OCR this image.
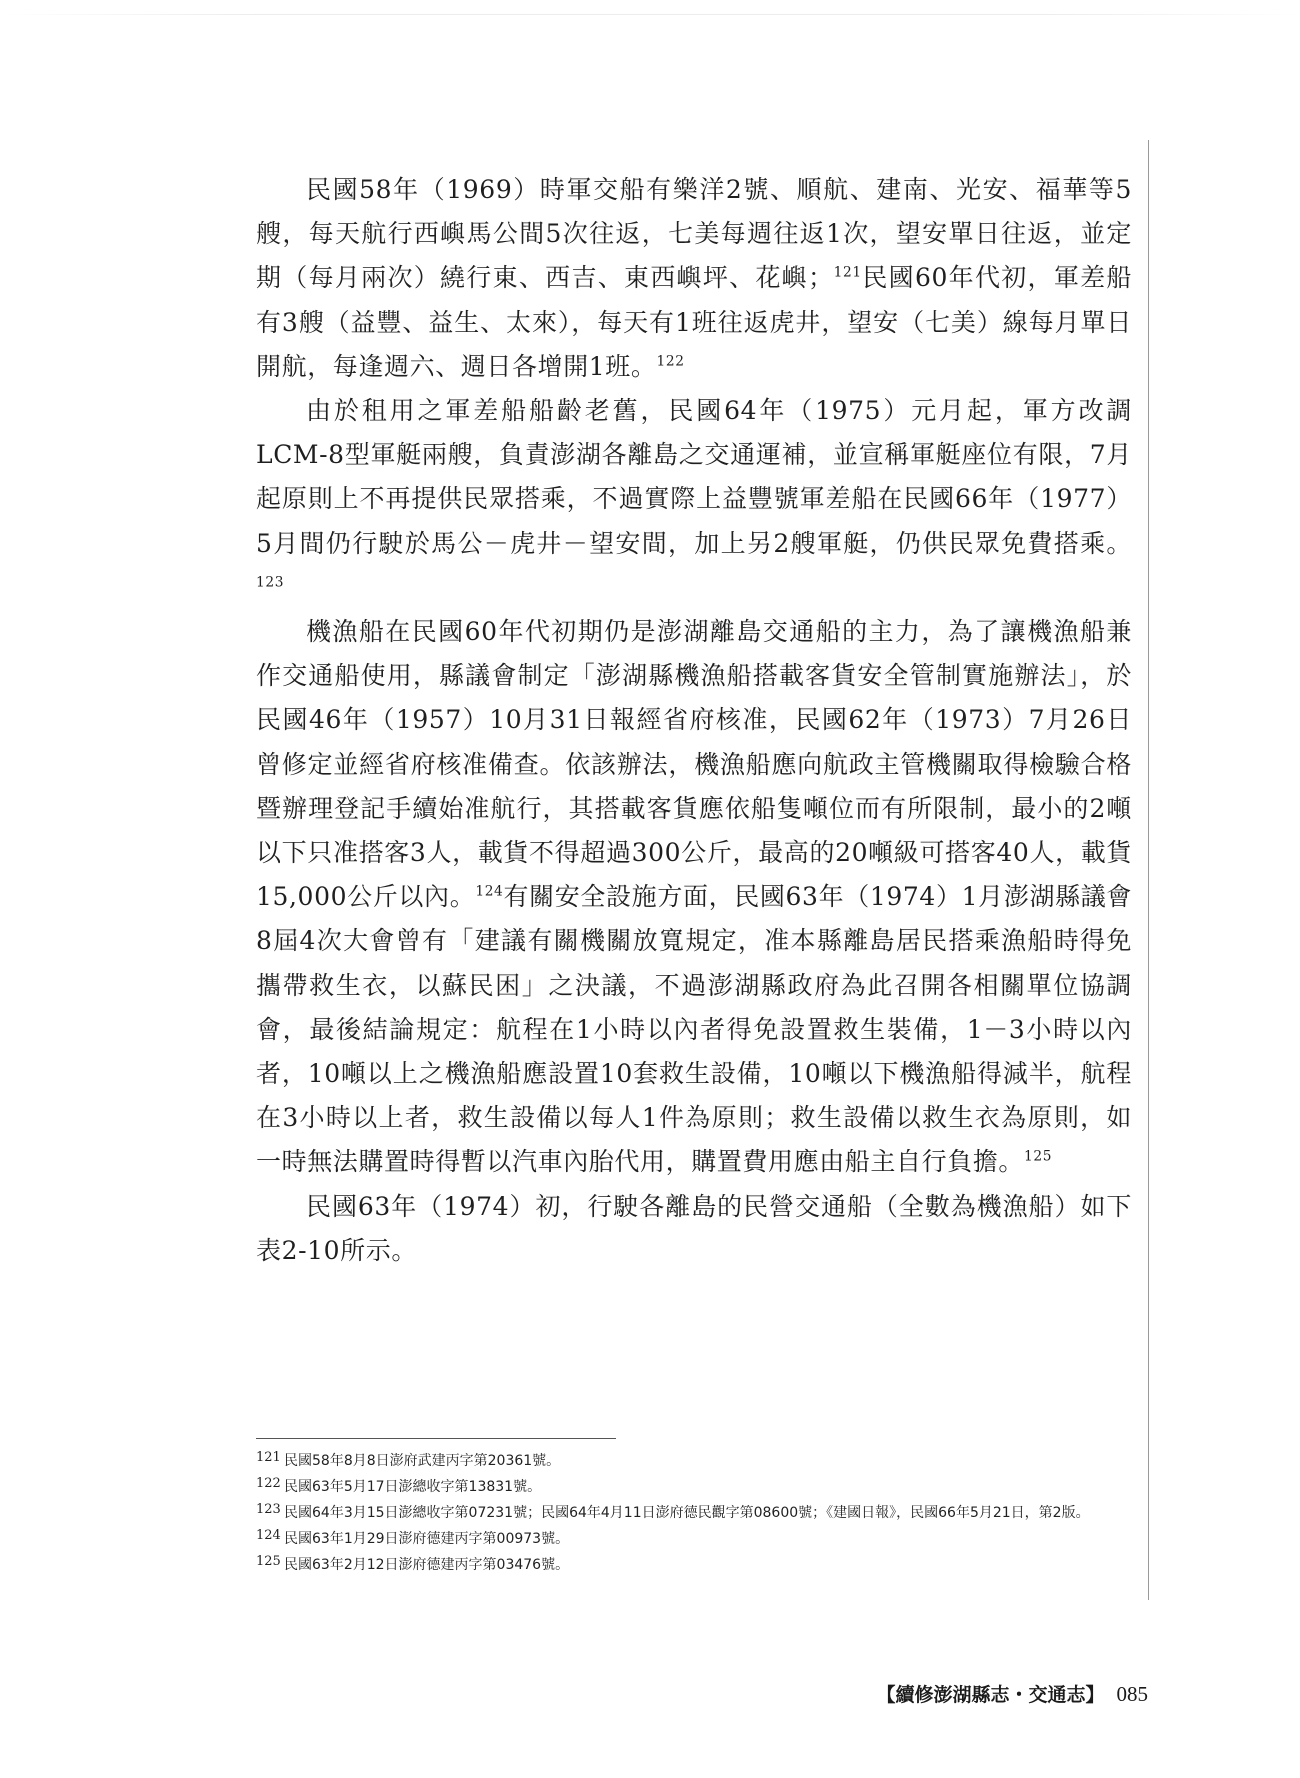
民國58年（1969）時軍交船有樂洋2號、順航、建南、光安、福華等5艘，每天航行西嶼馬公間5次往返，七美每週往返1次，望安單日往返，並定期（每月兩次）繞行東、西吉、東西嶼坪、花嶼；$^{121}$民國60年代初，軍差船有3艘（益豐、益生、太來），每天有1班往返虎井，望安（七美）線每月單日開航，每逢週六、週日各增開1班。$^{122}$

由於租用之軍差船船齡老舊，民國64年（1975）元月起，軍方改調LCM-8型軍艇兩艘，負責澎湖各離島之交通運補，並宣稱軍艇座位有限，7月起原則上不再提供民眾搭乘，不過實際上益豐號軍差船在民國66年（1977）5月間仍行駛於馬公－虎井－望安間，加上另2艘軍艇，仍供民眾免費搭乘。$^{123}$

機漁船在民國60年代初期仍是澎湖離島交通船的主力，為了讓機漁船兼作交通船使用，縣議會制定「澎湖縣機漁船搭載客貨安全管制實施辦法」，於民國46年（1957）10月31日報經省府核准，民國62年（1973）7月26日曾修定並經省府核准備查。依該辦法，機漁船應向航政主管機關取得檢驗合格暨辦理登記手續始准航行，其搭載客貨應依船隻噸位而有所限制，最小的2噸以下只准搭客3人，載貨不得超過300公斤，最高的20噸級可搭客40人，載貨15,000公斤以內。$^{124}$有關安全設施方面，民國63年（1974）1月澎湖縣議會8屆4次大會曾有「建議有關機關放寬規定，准本縣離島居民搭乘漁船時得免攜帶救生衣，以蘇民困」之決議，不過澎湖縣政府為此召開各相關單位協調會，最後結論規定：航程在1小時以內者得免設置救生裝備，1－3小時以內者，10噸以上之機漁船應設置10套救生設備，10噸以下機漁船得減半，航程在3小時以上者，救生設備以每人1件為原則；救生設備以救生衣為原則，如一時無法購置時得暫以汽車內胎代用，購置費用應由船主自行負擔。$^{125}$

民國63年（1974）初，行駛各離島的民營交通船（全數為機漁船）如下表2-10所示。

121 民國58年8月8日澎府武建丙字第20361號。
122 民國63年5月17日澎總收字第13831號。
123 民國64年3月15日澎總收字第07231號；民國64年4月11日澎府德民觀字第08600號；《建國日報》，民國66年5月21日，第2版。
124 民國63年1月29日澎府德建丙字第00973號。
125 民國63年2月12日澎府德建丙字第03476號。
【續修澎湖縣志・交通志】 085
